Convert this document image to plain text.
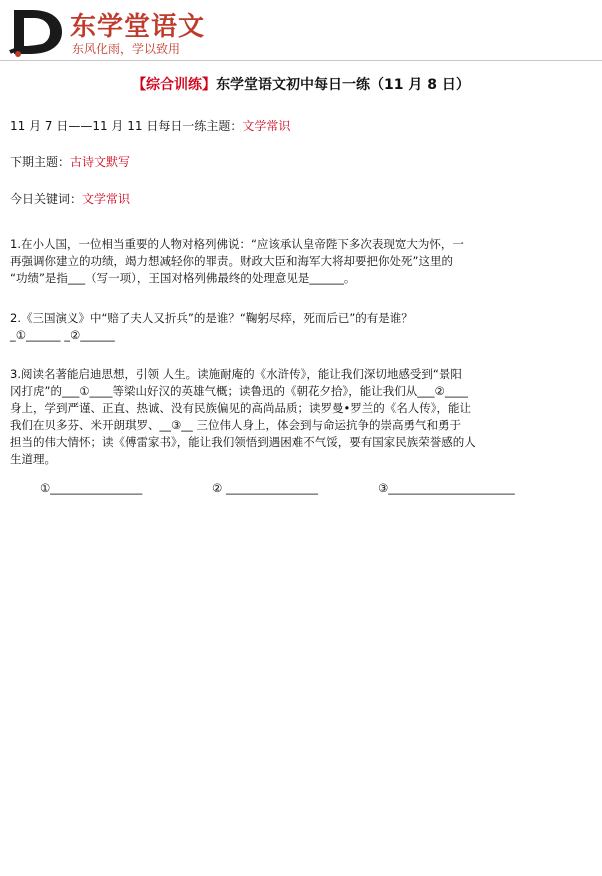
东学堂语文
东风化雨，学以致用
【综合训练】东学堂语文初中每日一练（11 月 8 日）
11 月 7 日——11 月 11 日每日一练主题：文学常识
下期主题：古诗文默写
今日关键词：文学常识

1.在小人国，一位相当重要的人物对格列佛说：“应该承认皇帝陛下多次表现宽大为怀，一

再强调你建立的功绩，竭力想减轻你的罪责。财政大臣和海军大将却要把你处死”这里的

“功绩”是指___（写一项），王国对格列佛最终的处理意见是______。

2.《三国演义》中“赔了夫人又折兵”的是谁？“鞠躬尽瘁，死而后已”的有是谁？

_①______ _②______

3.阅读名著能启迪思想，引领 人生。读施耐庵的《水浒传》，能让我们深切地感受到“景阳

冈打虎”的___①____等梁山好汉的英雄气概；读鲁迅的《朝花夕拾》，能让我们从___②____

身上，学到严谨、正直、热诚、没有民族偏见的高尚品质；读罗曼•罗兰的《名人传》，能让

我们在贝多芬、米开朗琪罗、__③__ 三位伟人身上，体会到与命运抗争的崇高勇气和勇于

担当的伟大情怀；读《傅雷家书》，能让我们领悟到遇困难不气馁，要有国家民族荣誉感的人

生道理。

①________________	② ________________	③______________________
